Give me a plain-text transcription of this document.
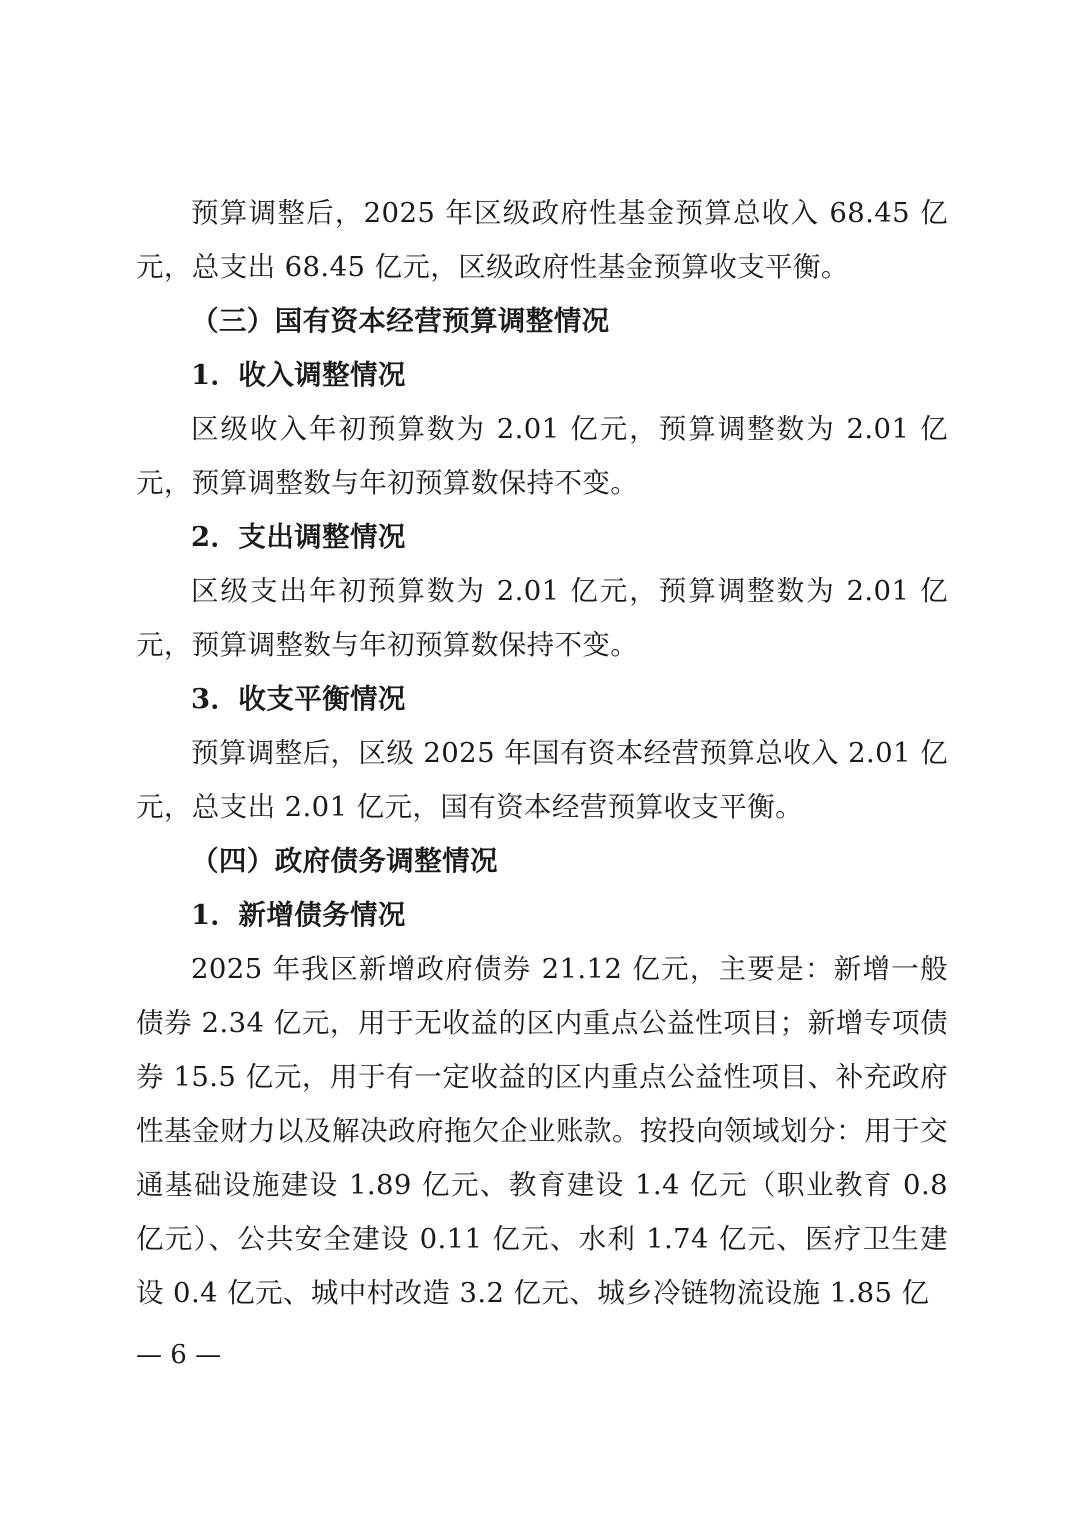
预算调整后，2025 年区级政府性基金预算总收入 68.45 亿元，总支出 68.45 亿元，区级政府性基金预算收支平衡。

（三）国有资本经营预算调整情况

1．收入调整情况

区级收入年初预算数为 2.01 亿元，预算调整数为 2.01 亿元，预算调整数与年初预算数保持不变。

2．支出调整情况

区级支出年初预算数为 2.01 亿元，预算调整数为 2.01 亿元，预算调整数与年初预算数保持不变。

3．收支平衡情况

预算调整后，区级 2025 年国有资本经营预算总收入 2.01 亿元，总支出 2.01 亿元，国有资本经营预算收支平衡。

（四）政府债务调整情况

1．新增债务情况

2025 年我区新增政府债券 21.12 亿元，主要是：新增一般债券 2.34 亿元，用于无收益的区内重点公益性项目；新增专项债券 15.5 亿元，用于有一定收益的区内重点公益性项目、补充政府性基金财力以及解决政府拖欠企业账款。按投向领域划分：用于交通基础设施建设 1.89 亿元、教育建设 1.4 亿元（职业教育 0.8 亿元）、公共安全建设 0.11 亿元、水利 1.74 亿元、医疗卫生建设 0.4 亿元、城中村改造 3.2 亿元、城乡冷链物流设施 1.85 亿

— 6 —
